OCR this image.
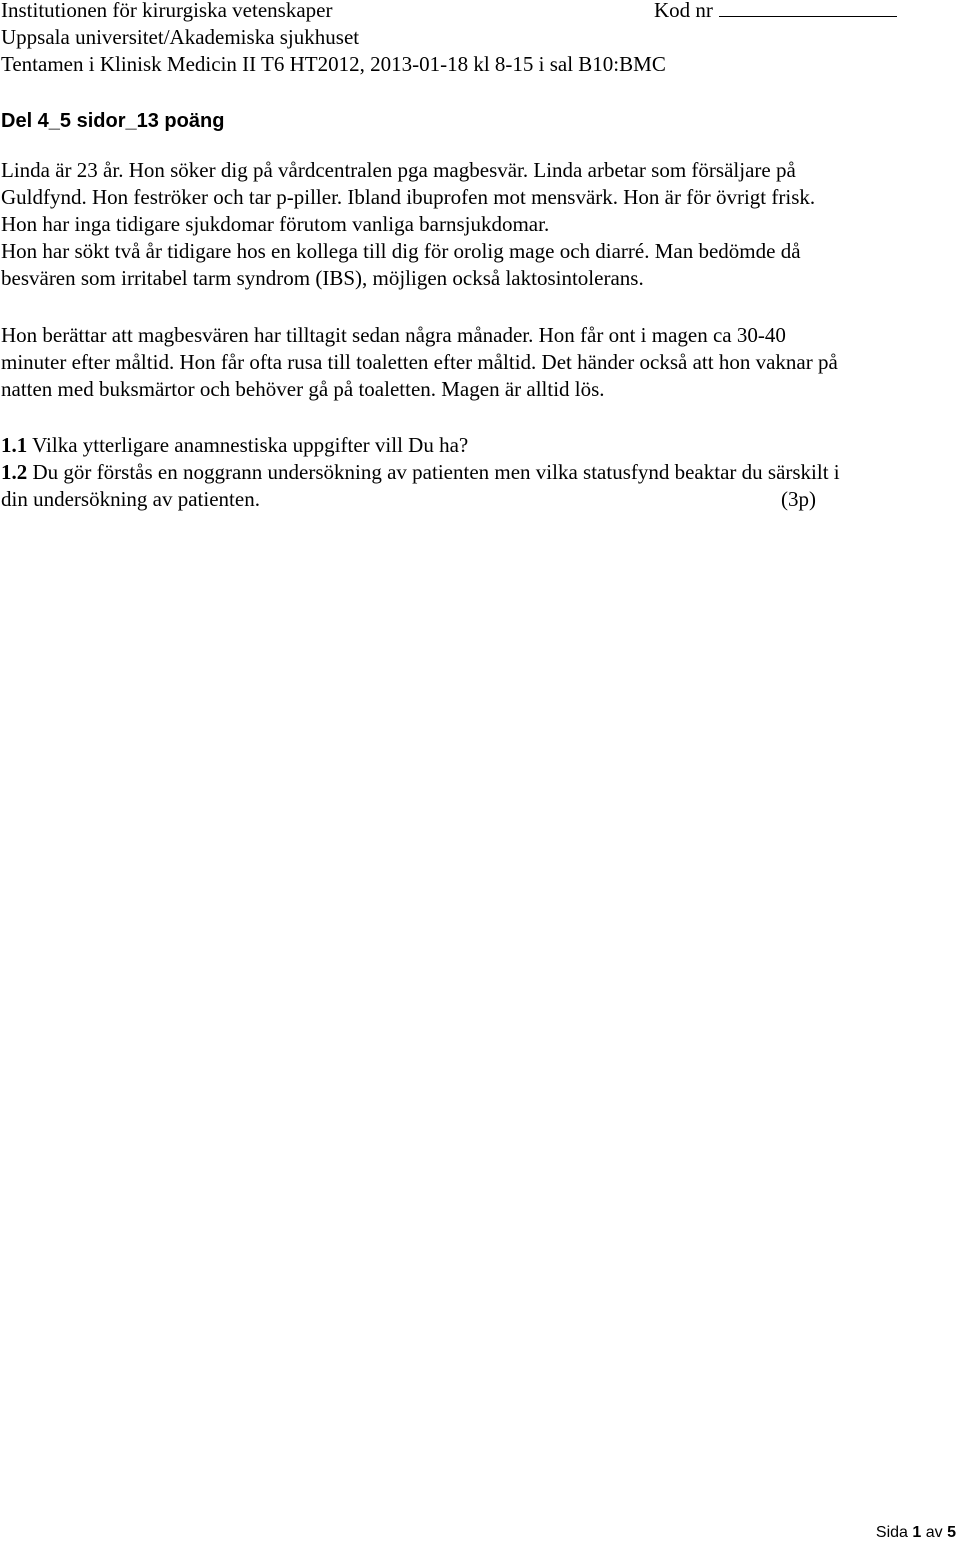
Institutionen för kirurgiska vetenskaper	Kod nr

Uppsala universitet/Akademiska sjukhuset

Tentamen i Klinisk Medicin II T6 HT2012, 2013-01-18 kl 8-15 i sal B10:BMC

Del 4_5 sidor_13 poäng

Linda är 23 år. Hon söker dig på vårdcentralen pga magbesvär. Linda arbetar som försäljare på

Guldfynd. Hon feströker och tar p-piller. Ibland ibuprofen mot mensvärk. Hon är för övrigt frisk.

Hon har inga tidigare sjukdomar förutom vanliga barnsjukdomar.

Hon har sökt två år tidigare hos en kollega till dig för orolig mage och diarré. Man bedömde då

besvären som irritabel tarm syndrom (IBS), möjligen också laktosintolerans.

Hon berättar att magbesvären har tilltagit sedan några månader. Hon får ont i magen ca 30-40

minuter efter måltid. Hon får ofta rusa till toaletten efter måltid. Det händer också att hon vaknar på

natten med buksmärtor och behöver gå på toaletten. Magen är alltid lös.

1.1 Vilka ytterligare anamnestiska uppgifter vill Du ha?

1.2 Du gör förstås en noggrann undersökning av patienten men vilka statusfynd beaktar du särskilt i

din undersökning av patienten.	(3p)

Sida 1 av 5
